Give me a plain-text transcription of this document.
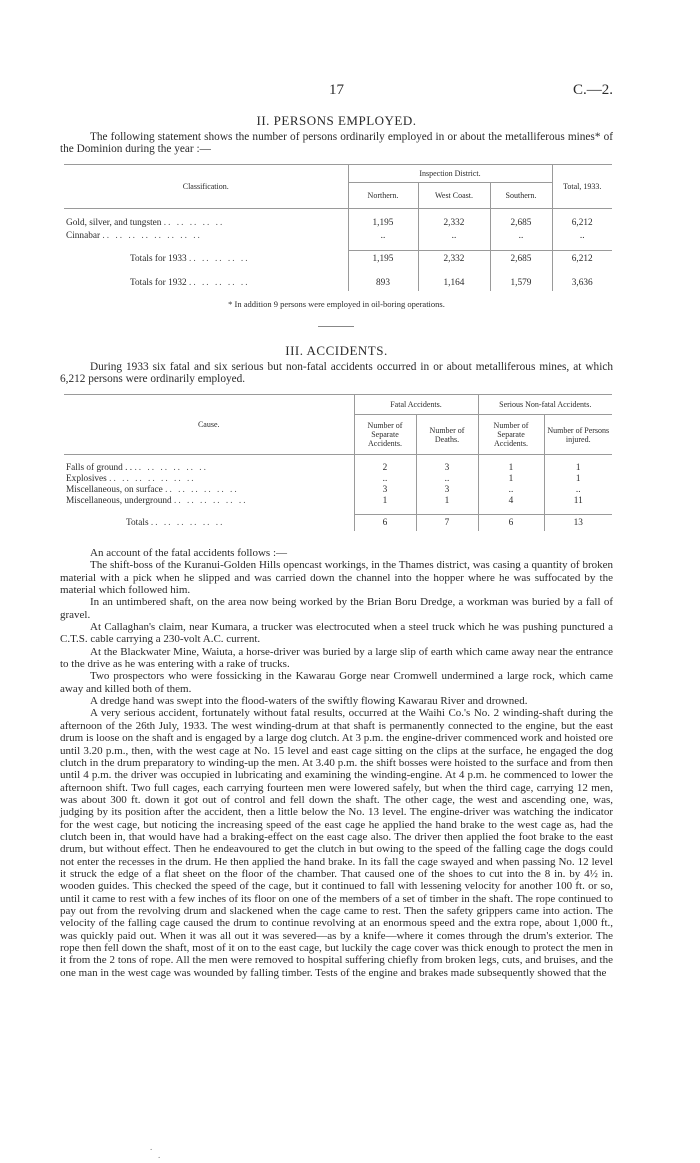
17	C.—2.
II. PERSONS EMPLOYED.

The following statement shows the number of persons ordinarily employed in or about the metalliferous mines* of the Dominion during the year :—

Classification.	Inspection District.			Total, 1933.
	Northern.	West Coast.	Southern.	

Gold, silver, and tungsten .. .. .. .. ..	1,195	2,332	2,685	6,212
Cinnabar .. .. .. .. .. .. .. ..	..	..	..	..

Totals for 1933 .. .. .. .. ..	1,195	2,332	2,685	6,212

Totals for 1932 .. .. .. .. ..	893	1,164	1,579	3,636
* In addition 9 persons were employed in oil-boring operations.
III. ACCIDENTS.

During 1933 six fatal and six serious but non-fatal accidents occurred in or about metalliferous mines, at which 6,212 persons were ordinarily employed.

Cause.	Fatal Accidents.		Serious Non-fatal Accidents.	
	Number of Separate Accidents.	Number of Deaths.	Number of Separate Accidents.	Number of Persons injured.

Falls of ground . . .. .. .. .. .. ..	2	3	1	1
Explosives .. .. .. .. .. .. ..	..	..	1	1
Miscellaneous, on surface .. .. .. .. .. ..	3	3	..	..
Miscellaneous, underground .. .. .. .. .. ..	1	1	4	11

Totals .. .. .. .. .. ..	6	7	6	13

An account of the fatal accidents follows :—

The shift-boss of the Kuranui-Golden Hills opencast workings, in the Thames district, was casing a quantity of broken material with a pick when he slipped and was carried down the channel into the hopper where he was suffocated by the material which followed him.

In an untimbered shaft, on the area now being worked by the Brian Boru Dredge, a workman was buried by a fall of gravel.

At Callaghan's claim, near Kumara, a trucker was electrocuted when a steel truck which he was pushing punctured a C.T.S. cable carrying a 230-volt A.C. current.

At the Blackwater Mine, Waiuta, a horse-driver was buried by a large slip of earth which came away near the entrance to the drive as he was entering with a rake of trucks.

Two prospectors who were fossicking in the Kawarau Gorge near Cromwell undermined a large rock, which came away and killed both of them.

A dredge hand was swept into the flood-waters of the swiftly flowing Kawarau River and drowned.

A very serious accident, fortunately without fatal results, occurred at the Waihi Co.'s No. 2 winding-shaft during the afternoon of the 26th July, 1933. The west winding-drum at that shaft is permanently connected to the engine, but the east drum is loose on the shaft and is engaged by a large dog clutch. At 3 p.m. the engine-driver commenced work and hoisted ore until 3.20 p.m., then, with the west cage at No. 15 level and east cage sitting on the clips at the surface, he engaged the dog clutch in the drum preparatory to winding-up the men. At 3.40 p.m. the shift bosses were hoisted to the surface and from then until 4 p.m. the driver was occupied in lubricating and examining the winding-engine. At 4 p.m. he commenced to lower the afternoon shift. Two full cages, each carrying fourteen men were lowered safely, but when the third cage, carrying 12 men, was about 300 ft. down it got out of control and fell down the shaft. The other cage, the west and ascending one, was, judging by its position after the accident, then a little below the No. 13 level. The engine-driver was watching the indicator for the west cage, but noticing the increasing speed of the east cage he applied the hand brake to the west cage as, had the clutch been in, that would have had a braking-effect on the east cage also. The driver then applied the foot brake to the east drum, but without effect. Then he endeavoured to get the clutch in but owing to the speed of the falling cage the dogs could not enter the recesses in the drum. He then applied the hand brake. In its fall the cage swayed and when passing No. 12 level it struck the edge of a flat sheet on the floor of the chamber. That caused one of the shoes to cut into the 8 in. by 4½ in. wooden guides. This checked the speed of the cage, but it continued to fall with lessening velocity for another 100 ft. or so, until it came to rest with a few inches of its floor on one of the members of a set of timber in the shaft. The rope continued to pay out from the revolving drum and slackened when the cage came to rest. Then the safety grippers came into action. The velocity of the falling cage caused the drum to continue revolving at an enormous speed and the extra rope, about 1,000 ft., was quickly paid out. When it was all out it was severed—as by a knife—where it comes through the drum's exterior. The rope then fell down the shaft, most of it on to the east cage, but luckily the cage cover was thick enough to protect the men in it from the 2 tons of rope. All the men were removed to hospital suffering chiefly from broken legs, cuts, and bruises, and the one man in the west cage was wounded by falling timber. Tests of the engine and brakes made subsequently showed that the

.
.
